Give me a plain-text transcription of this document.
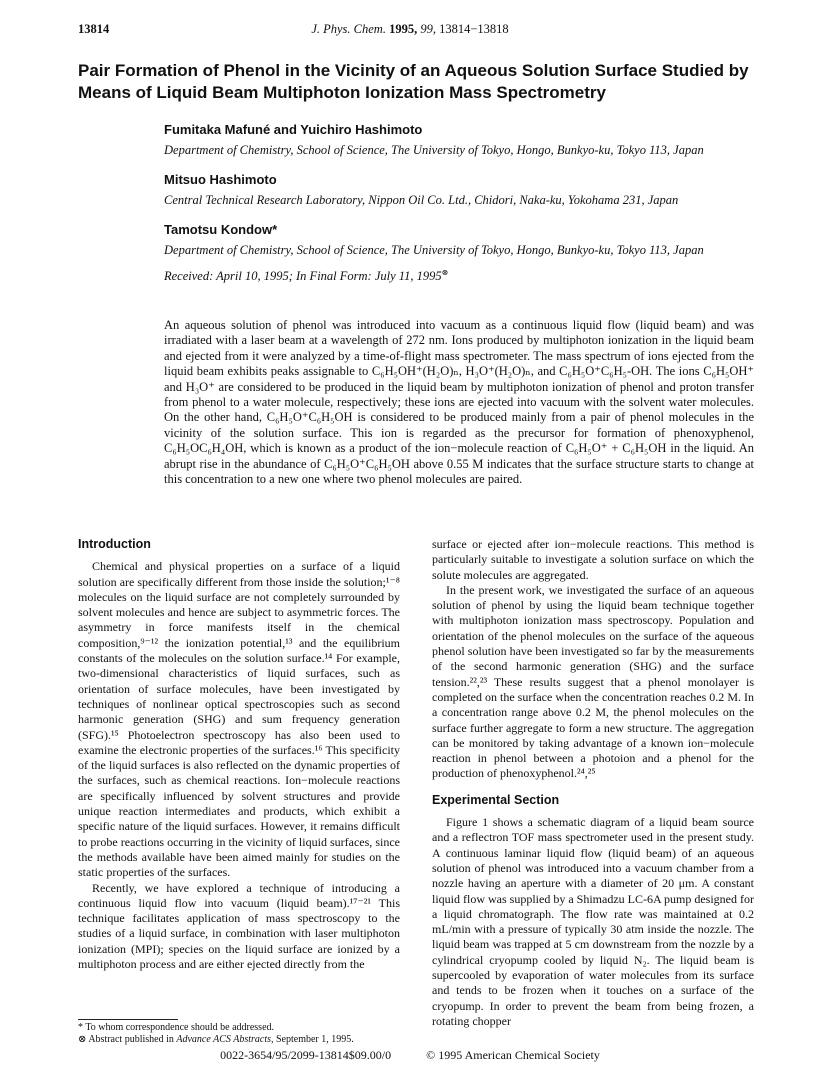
13814	J. Phys. Chem. 1995, 99, 13814−13818
Pair Formation of Phenol in the Vicinity of an Aqueous Solution Surface Studied by Means of Liquid Beam Multiphoton Ionization Mass Spectrometry
Fumitaka Mafuné and Yuichiro Hashimoto
Department of Chemistry, School of Science, The University of Tokyo, Hongo, Bunkyo-ku, Tokyo 113, Japan
Mitsuo Hashimoto
Central Technical Research Laboratory, Nippon Oil Co. Ltd., Chidori, Naka-ku, Yokohama 231, Japan
Tamotsu Kondow*
Department of Chemistry, School of Science, The University of Tokyo, Hongo, Bunkyo-ku, Tokyo 113, Japan
Received: April 10, 1995; In Final Form: July 11, 1995⊗

An aqueous solution of phenol was introduced into vacuum as a continuous liquid flow (liquid beam) and was irradiated with a laser beam at a wavelength of 272 nm. Ions produced by multiphoton ionization in the liquid beam and ejected from it were analyzed by a time-of-flight mass spectrometer. The mass spectrum of ions ejected from the liquid beam exhibits peaks assignable to C₆H₅OH⁺(H₂O)ₙ, H₃O⁺(H₂O)ₙ, and C₆H₅O⁺C₆H₅-OH. The ions C₆H₅OH⁺ and H₃O⁺ are considered to be produced in the liquid beam by multiphoton ionization of phenol and proton transfer from phenol to a water molecule, respectively; these ions are ejected into vacuum with the solvent water molecules. On the other hand, C₆H₅O⁺C₆H₅OH is considered to be produced mainly from a pair of phenol molecules in the vicinity of the solution surface. This ion is regarded as the precursor for formation of phenoxyphenol, C₆H₅OC₆H₄OH, which is known as a product of the ion−molecule reaction of C₆H₅O⁺ + C₆H₅OH in the liquid. An abrupt rise in the abundance of C₆H₅O⁺C₆H₅OH above 0.55 M indicates that the surface structure starts to change at this concentration to a new one where two phenol molecules are paired.

Introduction

Chemical and physical properties on a surface of a liquid solution are specifically different from those inside the solution;¹⁻⁸ molecules on the liquid surface are not completely surrounded by solvent molecules and hence are subject to asymmetric forces. The asymmetry in force manifests itself in the chemical composition,⁹⁻¹² the ionization potential,¹³ and the equilibrium constants of the molecules on the solution surface.¹⁴ For example, two-dimensional characteristics of liquid surfaces, such as orientation of surface molecules, have been investigated by techniques of nonlinear optical spectroscopies such as second harmonic generation (SHG) and sum frequency generation (SFG).¹⁵ Photoelectron spectroscopy has also been used to examine the electronic properties of the surfaces.¹⁶ This specificity of the liquid surfaces is also reflected on the dynamic properties of the surfaces, such as chemical reactions. Ion−molecule reactions are specifically influenced by solvent structures and provide unique reaction intermediates and products, which exhibit a specific nature of the liquid surfaces. However, it remains difficult to probe reactions occurring in the vicinity of liquid surfaces, since the methods available have been aimed mainly for studies on the static properties of the surfaces.

Recently, we have explored a technique of introducing a continuous liquid flow into vacuum (liquid beam).¹⁷⁻²¹ This technique facilitates application of mass spectroscopy to the studies of a liquid surface, in combination with laser multiphoton ionization (MPI); species on the liquid surface are ionized by a multiphoton process and are either ejected directly from the

surface or ejected after ion−molecule reactions. This method is particularly suitable to investigate a solution surface on which the solute molecules are aggregated.

In the present work, we investigated the surface of an aqueous solution of phenol by using the liquid beam technique together with multiphoton ionization mass spectroscopy. Population and orientation of the phenol molecules on the surface of the aqueous phenol solution have been investigated so far by the measurements of the second harmonic generation (SHG) and the surface tension.²²,²³ These results suggest that a phenol monolayer is completed on the surface when the concentration reaches 0.2 M. In a concentration range above 0.2 M, the phenol molecules on the surface further aggregate to form a new structure. The aggregation can be monitored by taking advantage of a known ion−molecule reaction in phenol between a photoion and a phenol for the production of phenoxyphenol.²⁴,²⁵

Experimental Section

Figure 1 shows a schematic diagram of a liquid beam source and a reflectron TOF mass spectrometer used in the present study. A continuous laminar liquid flow (liquid beam) of an aqueous solution of phenol was introduced into a vacuum chamber from a nozzle having an aperture with a diameter of 20 μm. A constant liquid flow was supplied by a Shimadzu LC-6A pump designed for a liquid chromatograph. The flow rate was maintained at 0.2 mL/min with a pressure of typically 30 atm inside the nozzle. The liquid beam was trapped at 5 cm downstream from the nozzle by a cylindrical cryopump cooled by liquid N₂. The liquid beam is supercooled by evaporation of water molecules from its surface and tends to be frozen when it touches on a surface of the cryopump. In order to prevent the beam from being frozen, a rotating chopper

* To whom correspondence should be addressed.
⊗ Abstract published in Advance ACS Abstracts, September 1, 1995.
0022-3654/95/2099-13814$09.00/0	© 1995 American Chemical Society
